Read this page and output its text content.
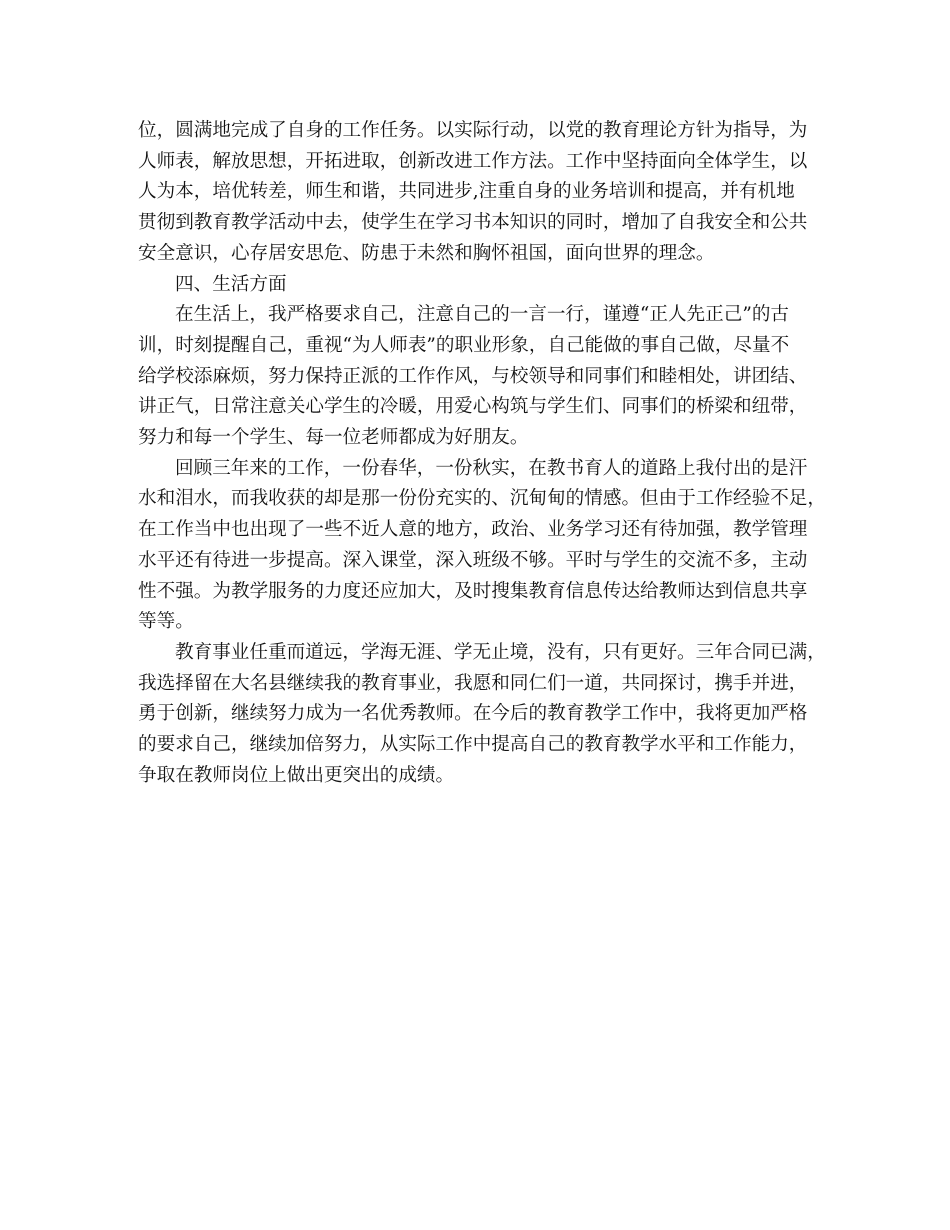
位，圆满地完成了自身的工作任务。以实际行动，以党的教育理论方针为指导，为
人师表，解放思想，开拓进取，创新改进工作方法。工作中坚持面向全体学生，以
人为本，培优转差，师生和谐，共同进步,注重自身的业务培训和提高，并有机地
贯彻到教育教学活动中去，使学生在学习书本知识的同时，增加了自我安全和公共
安全意识，心存居安思危、防患于未然和胸怀祖国，面向世界的理念。
四、生活方面
在生活上，我严格要求自己，注意自己的一言一行，谨遵“正人先正己”的古
训，时刻提醒自己，重视“为人师表”的职业形象，自己能做的事自己做，尽量不
给学校添麻烦，努力保持正派的工作作风，与校领导和同事们和睦相处，讲团结、
讲正气，日常注意关心学生的冷暖，用爱心构筑与学生们、同事们的桥梁和纽带，
努力和每一个学生、每一位老师都成为好朋友。
回顾三年来的工作，一份春华，一份秋实，在教书育人的道路上我付出的是汗
水和泪水，而我收获的却是那一份份充实的、沉甸甸的情感。但由于工作经验不足，
在工作当中也出现了一些不近人意的地方，政治、业务学习还有待加强，教学管理
水平还有待进一步提高。深入课堂，深入班级不够。平时与学生的交流不多，主动
性不强。为教学服务的力度还应加大，及时搜集教育信息传达给教师达到信息共享
等等。
教育事业任重而道远，学海无涯、学无止境，没有，只有更好。三年合同已满，
我选择留在大名县继续我的教育事业，我愿和同仁们一道，共同探讨，携手并进，
勇于创新，继续努力成为一名优秀教师。在今后的教育教学工作中，我将更加严格
的要求自己，继续加倍努力，从实际工作中提高自己的教育教学水平和工作能力，
争取在教师岗位上做出更突出的成绩。
